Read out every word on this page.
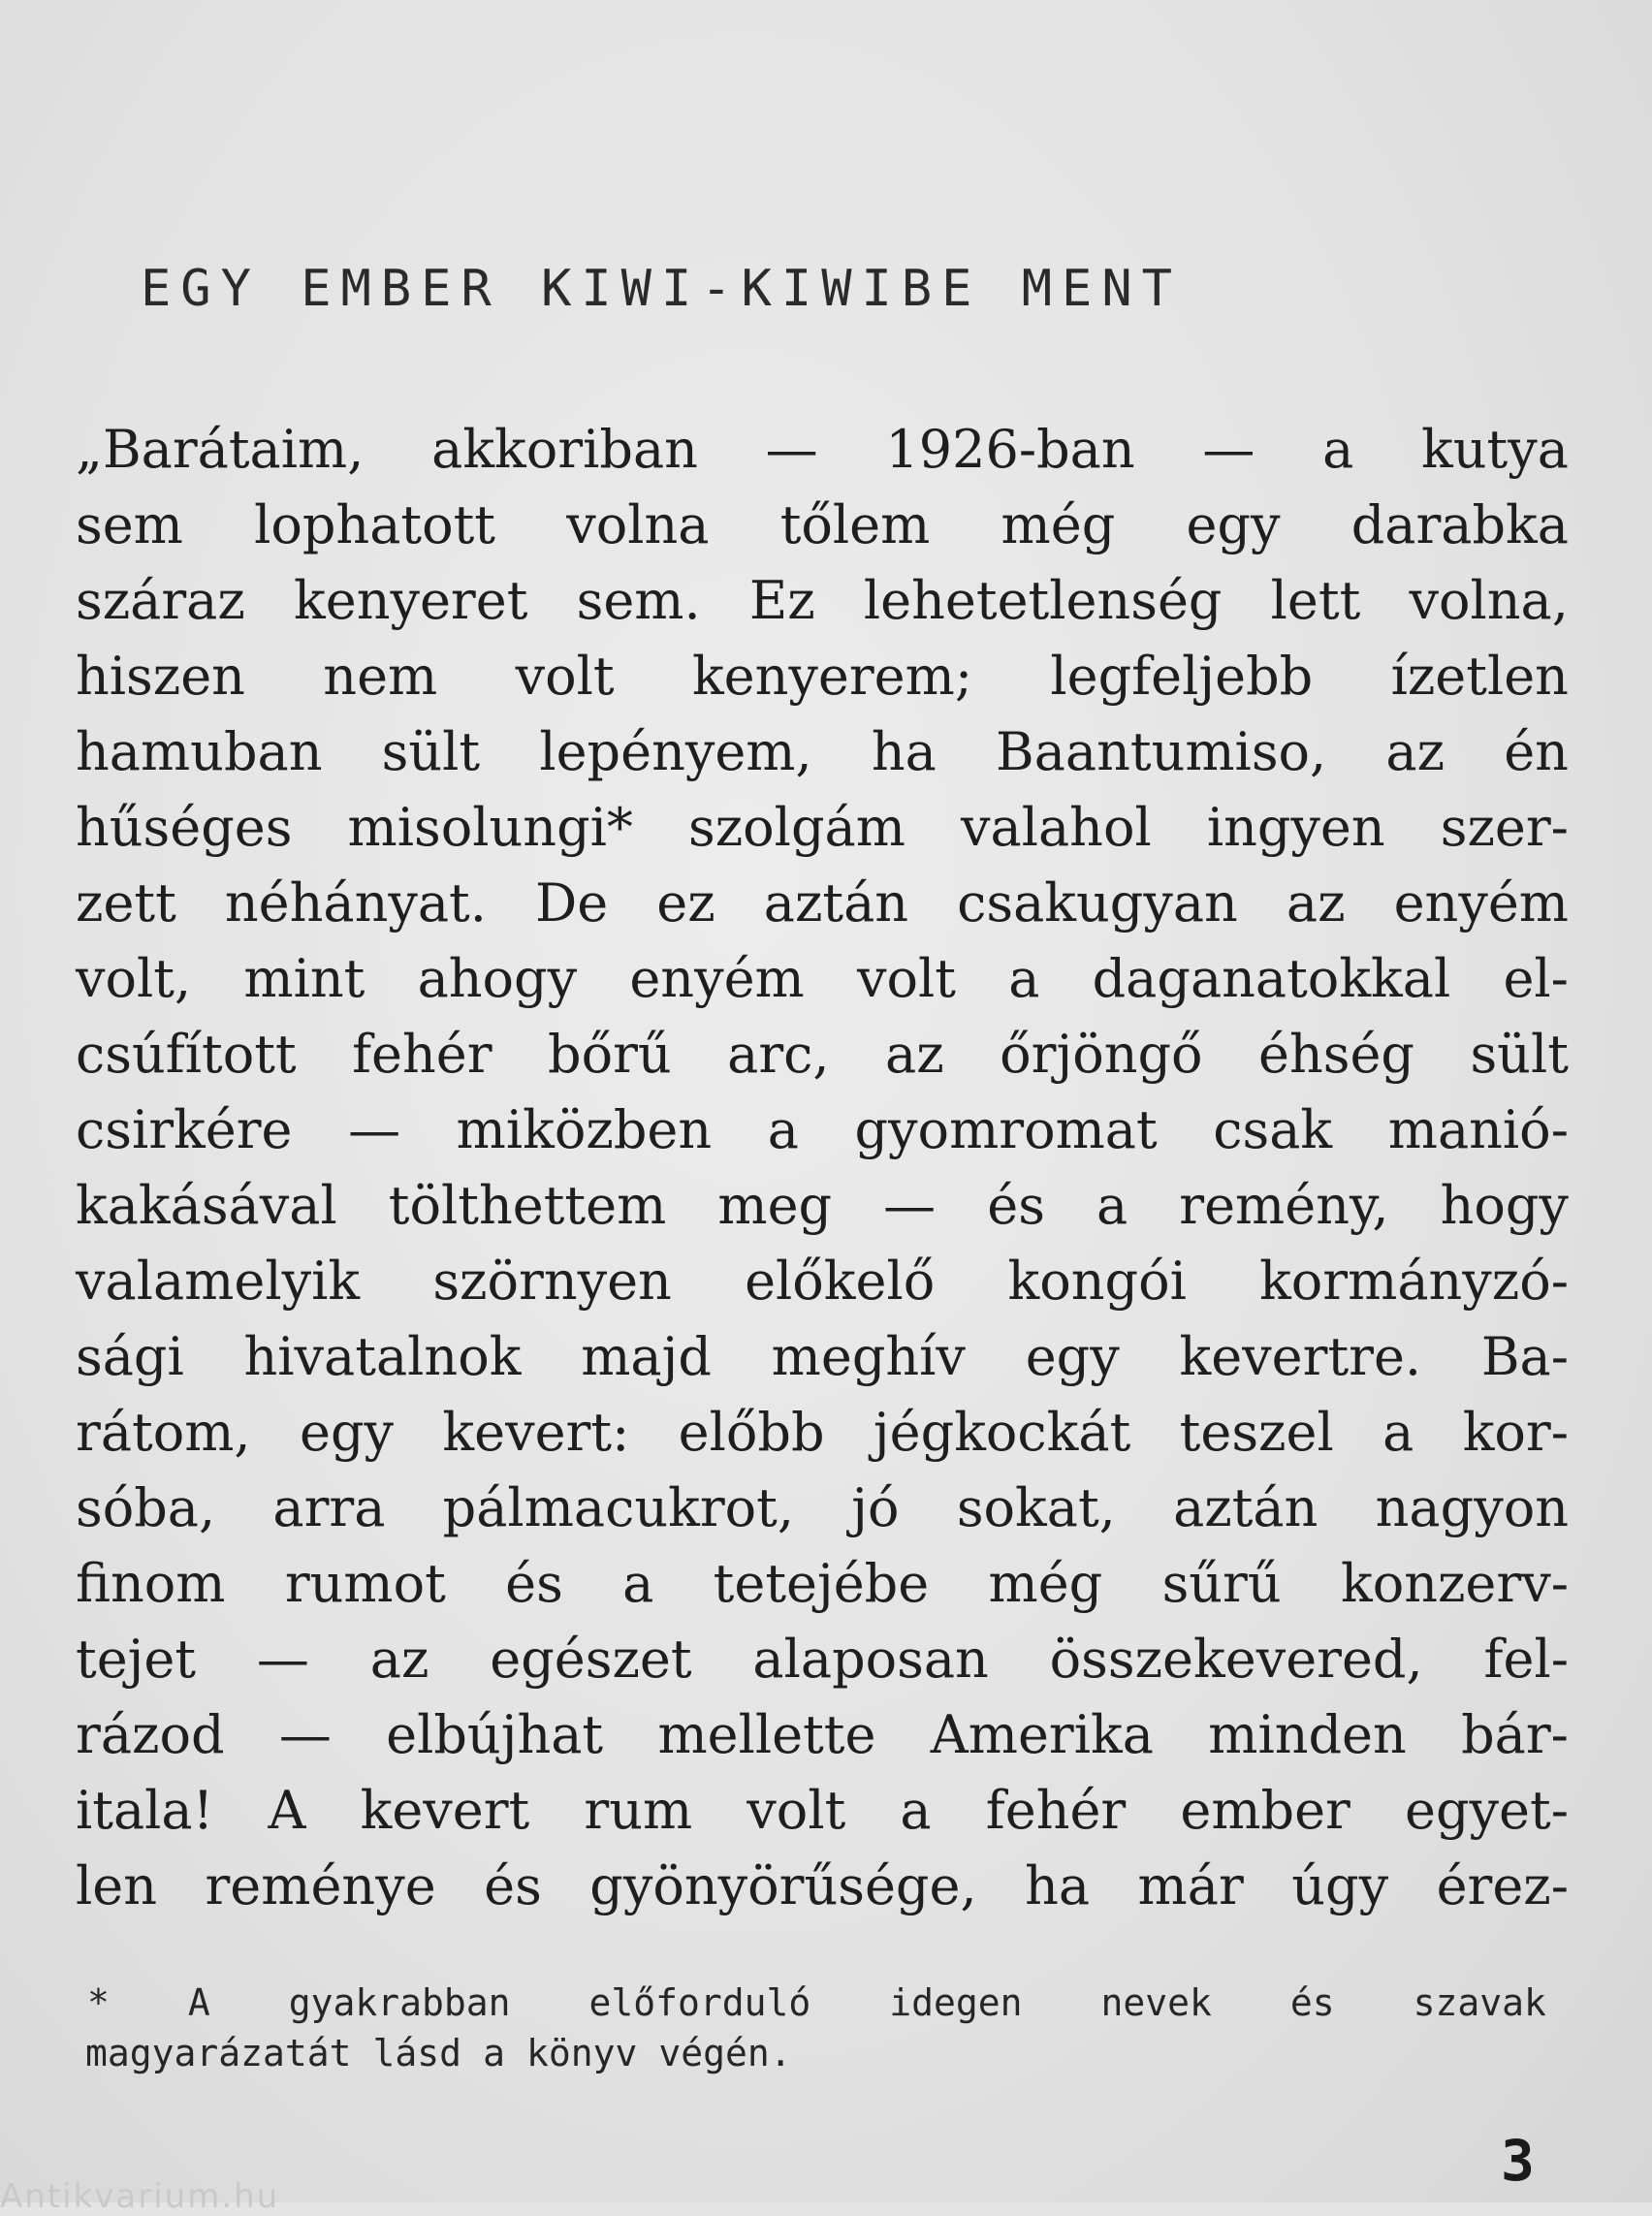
EGY EMBER KIWI-KIWIBE MENT
„Barátaim, akkoriban — 1926-ban — a kutya
sem lophatott volna tőlem még egy darabka
száraz kenyeret sem. Ez lehetetlenség lett volna,
hiszen nem volt kenyerem; legfeljebb ízetlen
hamuban sült lepényem, ha Baantumiso, az én
hűséges misolungi* szolgám valahol ingyen szer-
zett néhányat. De ez aztán csakugyan az enyém
volt, mint ahogy enyém volt a daganatokkal el-
csúfított fehér bőrű arc, az őrjöngő éhség sült
csirkére — miközben a gyomromat csak manió-
kakásával tölthettem meg — és a remény, hogy
valamelyik szörnyen előkelő kongói kormányzó-
sági hivatalnok majd meghív egy kevertre. Ba-
rátom, egy kevert: előbb jégkockát teszel a kor-
sóba, arra pálmacukrot, jó sokat, aztán nagyon
finom rumot és a tetejébe még sűrű konzerv-
tejet — az egészet alaposan összekevered, fel-
rázod — elbújhat mellette Amerika minden bár-
itala! A kevert rum volt a fehér ember egyet-
len reménye és gyönyörűsége, ha már úgy érez-
* A gyakrabban előforduló idegen nevek és szavak
magyarázatát lásd a könyv végén.
3
Antikvarium.hu
